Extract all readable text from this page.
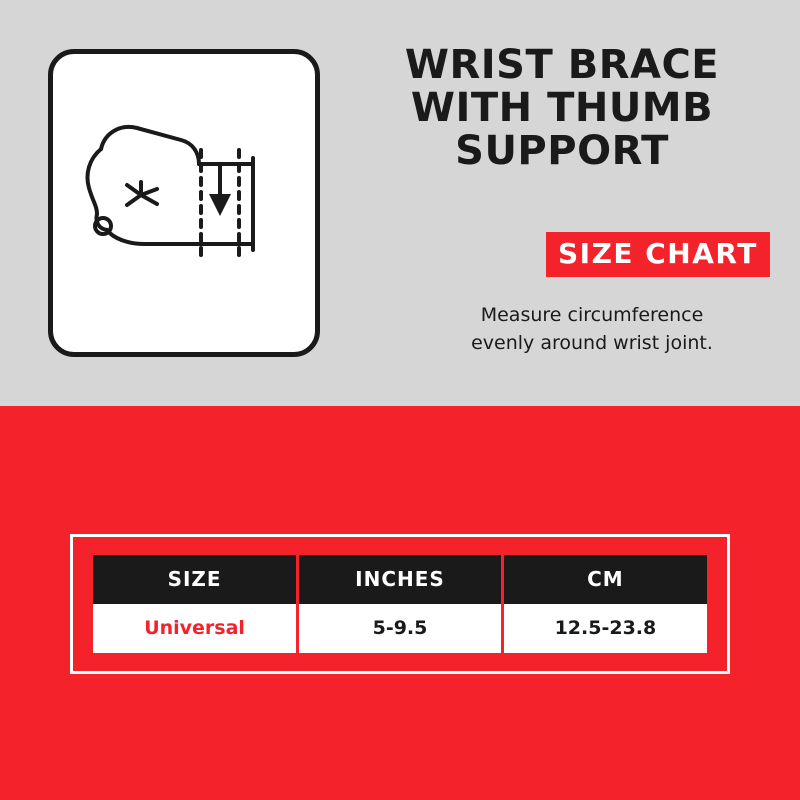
WRIST BRACE
WITH THUMB
SUPPORT
SIZE CHART
Measure circumference
evenly around wrist joint.
SIZE	INCHES	CM
Universal	5-9.5	12.5-23.8
